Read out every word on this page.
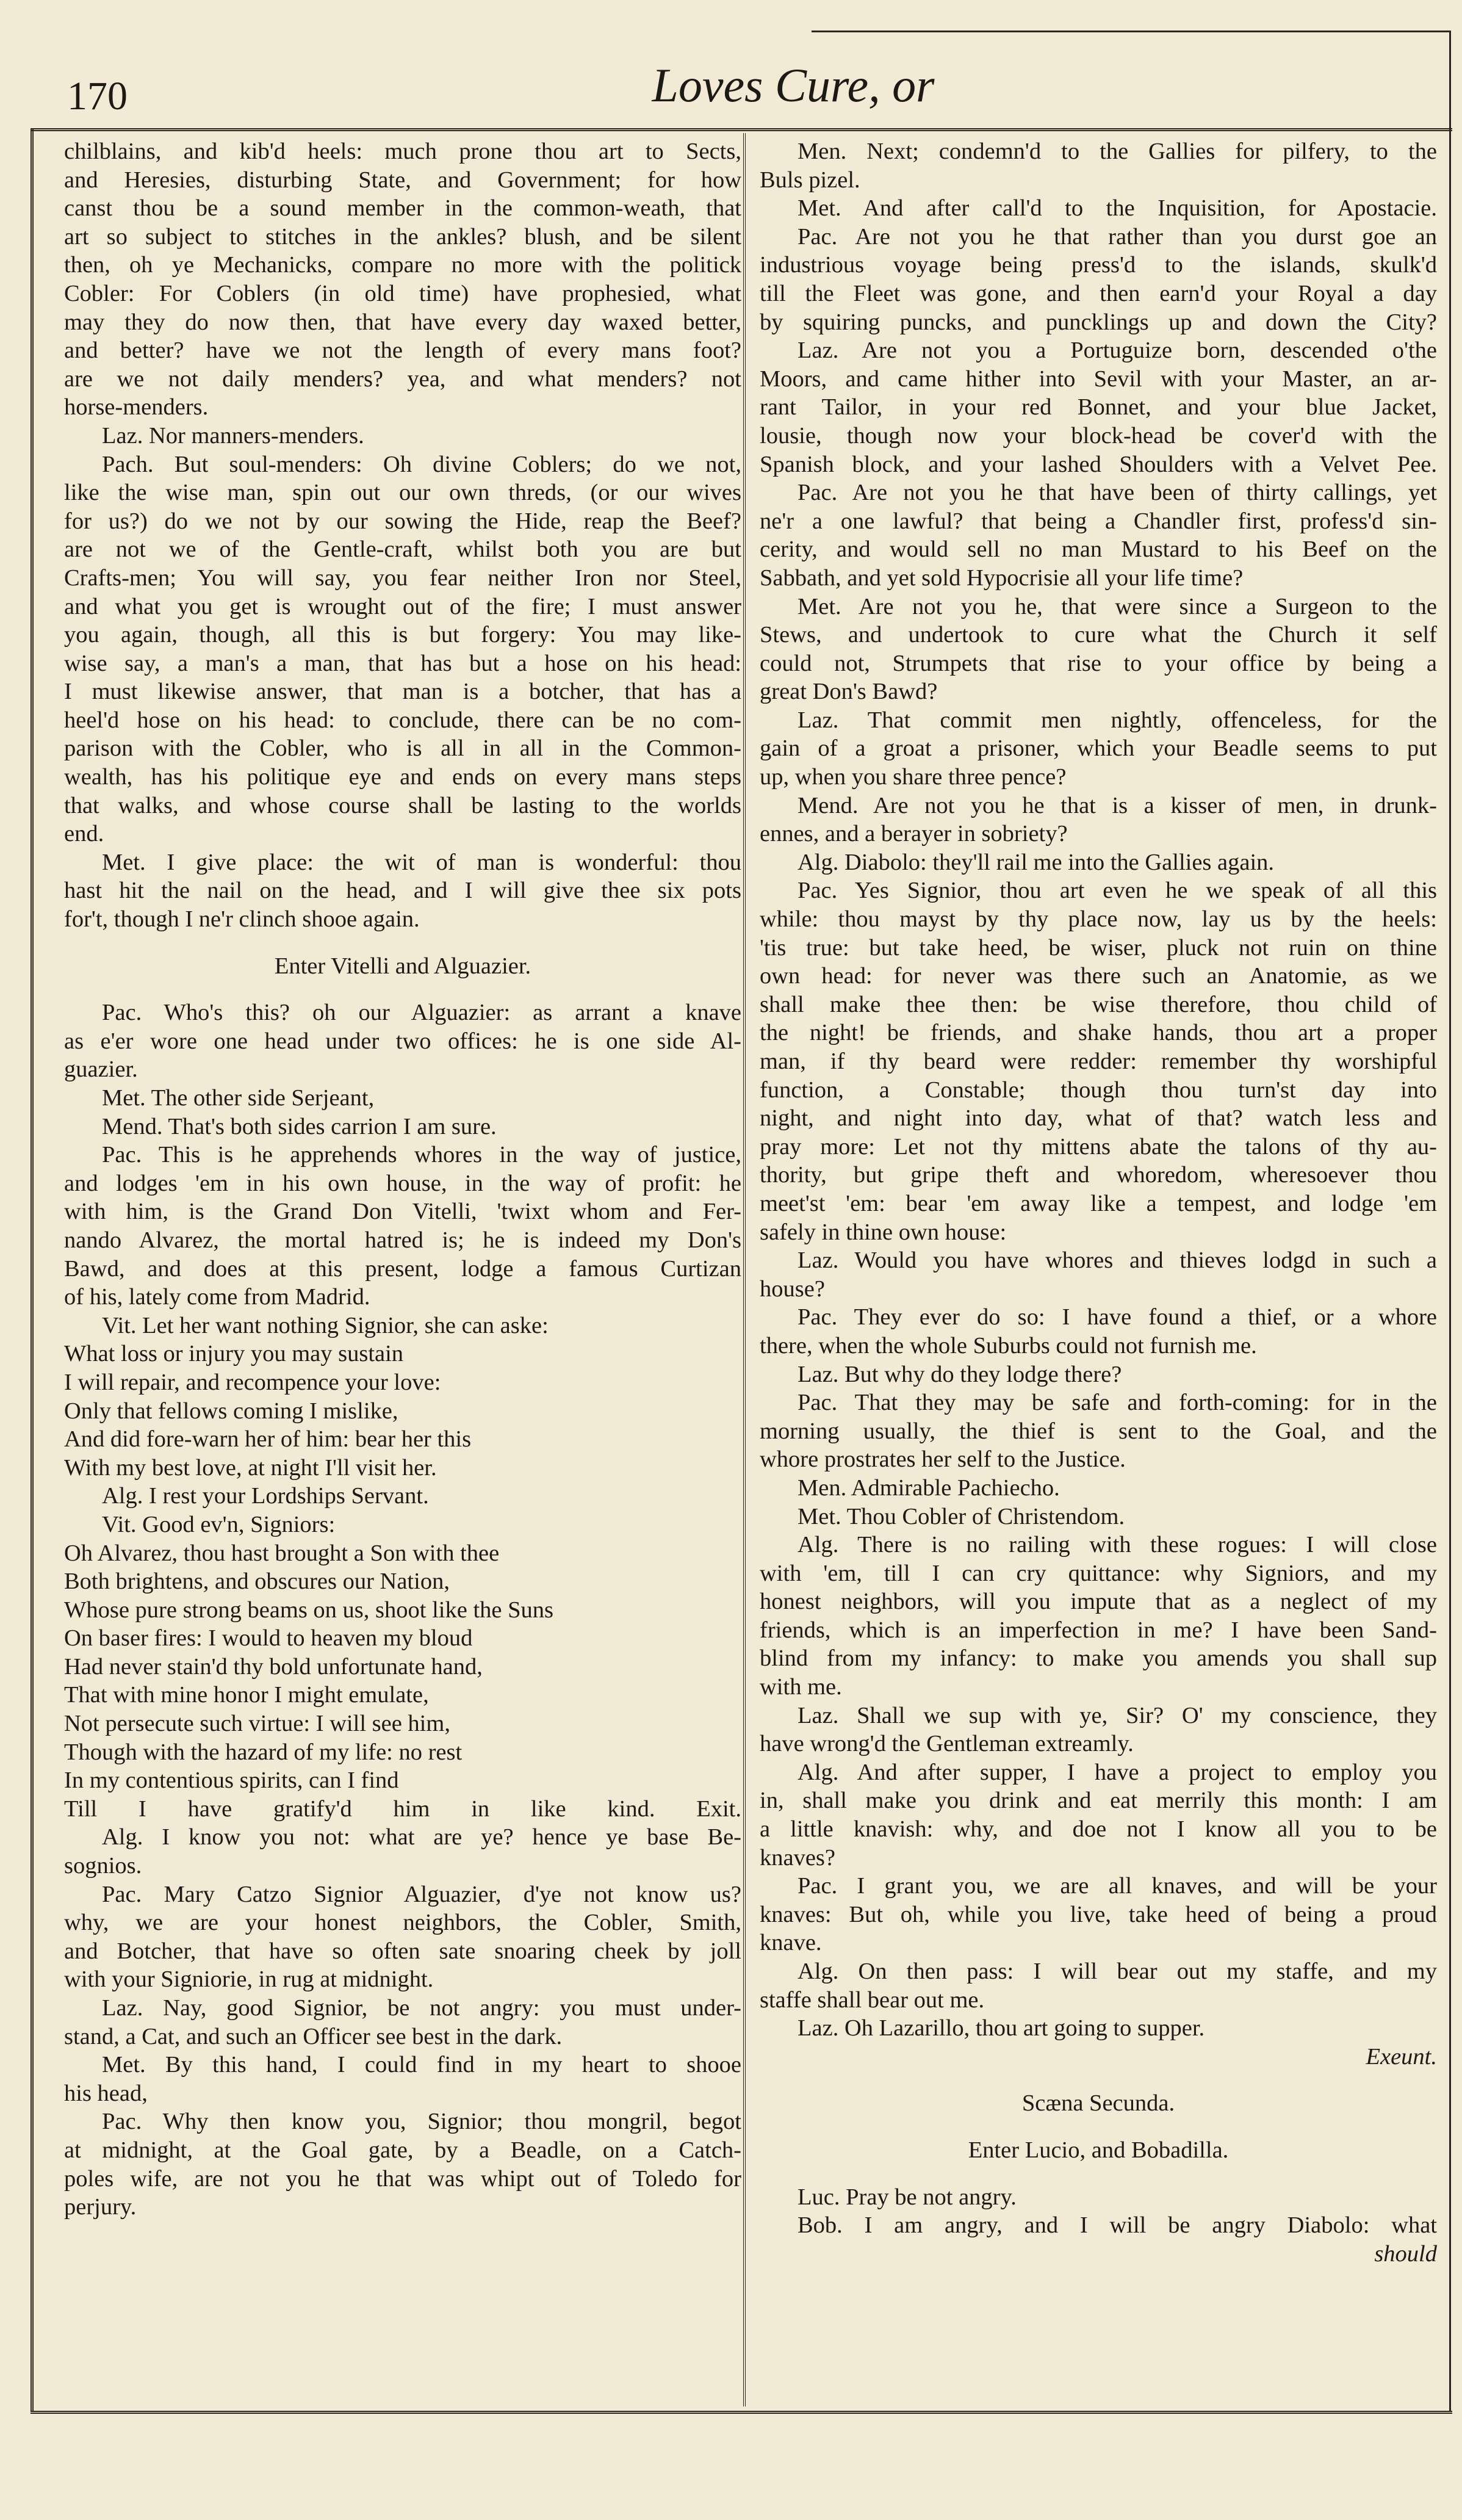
170	Loves Cure, or

chilblains, and kib'd heels: much prone thou art to Sects,

and Heresies, disturbing State, and Government; for how

canst thou be a sound member in the common-weath, that

art so subject to stitches in the ankles? blush, and be silent

then, oh ye Mechanicks, compare no more with the politick

Cobler: For Coblers (in old time) have prophesied, what

may they do now then, that have every day waxed better,

and better? have we not the length of every mans foot?

are we not daily menders? yea, and what menders? not

horse-menders.

Laz. Nor manners-menders.

Pach. But soul-menders: Oh divine Coblers; do we not,

like the wise man, spin out our own threds, (or our wives

for us?) do we not by our sowing the Hide, reap the Beef?

are not we of the Gentle-craft, whilst both you are but

Crafts-men; You will say, you fear neither Iron nor Steel,

and what you get is wrought out of the fire; I must answer

you again, though, all this is but forgery: You may like-

wise say, a man's a man, that has but a hose on his head:

I must likewise answer, that man is a botcher, that has a

heel'd hose on his head: to conclude, there can be no com-

parison with the Cobler, who is all in all in the Common-

wealth, has his politique eye and ends on every mans steps

that walks, and whose course shall be lasting to the worlds

end.

Met. I give place: the wit of man is wonderful: thou

hast hit the nail on the head, and I will give thee six pots

for't, though I ne'r clinch shooe again.

Enter Vitelli and Alguazier.

Pac. Who's this? oh our Alguazier: as arrant a knave

as e'er wore one head under two offices: he is one side Al-

guazier.

Met. The other side Serjeant,

Mend. That's both sides carrion I am sure.

Pac. This is he apprehends whores in the way of justice,

and lodges 'em in his own house, in the way of profit: he

with him, is the Grand Don Vitelli, 'twixt whom and Fer-

nando Alvarez, the mortal hatred is; he is indeed my Don's

Bawd, and does at this present, lodge a famous Curtizan

of his, lately come from Madrid.

Vit. Let her want nothing Signior, she can aske:

What loss or injury you may sustain

I will repair, and recompence your love:

Only that fellows coming I mislike,

And did fore-warn her of him: bear her this

With my best love, at night I'll visit her.

Alg. I rest your Lordships Servant.

Vit. Good ev'n, Signiors:

Oh Alvarez, thou hast brought a Son with thee

Both brightens, and obscures our Nation,

Whose pure strong beams on us, shoot like the Suns

On baser fires: I would to heaven my bloud

Had never stain'd thy bold unfortunate hand,

That with mine honor I might emulate,

Not persecute such virtue: I will see him,

Though with the hazard of my life: no rest

In my contentious spirits, can I find

Till I have gratify'd him in like kind. Exit.

Alg. I know you not: what are ye? hence ye base Be-

sognios.

Pac. Mary Catzo Signior Alguazier, d'ye not know us?

why, we are your honest neighbors, the Cobler, Smith,

and Botcher, that have so often sate snoaring cheek by joll

with your Signiorie, in rug at midnight.

Laz. Nay, good Signior, be not angry: you must under-

stand, a Cat, and such an Officer see best in the dark.

Met. By this hand, I could find in my heart to shooe

his head,

Pac. Why then know you, Signior; thou mongril, begot

at midnight, at the Goal gate, by a Beadle, on a Catch-

poles wife, are not you he that was whipt out of Toledo for

perjury.

Men. Next; condemn'd to the Gallies for pilfery, to the

Buls pizel.

Met. And after call'd to the Inquisition, for Apostacie.

Pac. Are not you he that rather than you durst goe an

industrious voyage being press'd to the islands, skulk'd

till the Fleet was gone, and then earn'd your Royal a day

by squiring puncks, and puncklings up and down the City?

Laz. Are not you a Portuguize born, descended o'the

Moors, and came hither into Sevil with your Master, an ar-

rant Tailor, in your red Bonnet, and your blue Jacket,

lousie, though now your block-head be cover'd with the

Spanish block, and your lashed Shoulders with a Velvet Pee.

Pac. Are not you he that have been of thirty callings, yet

ne'r a one lawful? that being a Chandler first, profess'd sin-

cerity, and would sell no man Mustard to his Beef on the

Sabbath, and yet sold Hypocrisie all your life time?

Met. Are not you he, that were since a Surgeon to the

Stews, and undertook to cure what the Church it self

could not, Strumpets that rise to your office by being a

great Don's Bawd?

Laz. That commit men nightly, offenceless, for the

gain of a groat a prisoner, which your Beadle seems to put

up, when you share three pence?

Mend. Are not you he that is a kisser of men, in drunk-

ennes, and a berayer in sobriety?

Alg. Diabolo: they'll rail me into the Gallies again.

Pac. Yes Signior, thou art even he we speak of all this

while: thou mayst by thy place now, lay us by the heels:

'tis true: but take heed, be wiser, pluck not ruin on thine

own head: for never was there such an Anatomie, as we

shall make thee then: be wise therefore, thou child of

the night! be friends, and shake hands, thou art a proper

man, if thy beard were redder: remember thy worshipful

function, a Constable; though thou turn'st day into

night, and night into day, what of that? watch less and

pray more: Let not thy mittens abate the talons of thy au-

thority, but gripe theft and whoredom, wheresoever thou

meet'st 'em: bear 'em away like a tempest, and lodge 'em

safely in thine own house:

Laz. Would you have whores and thieves lodgd in such a

house?

Pac. They ever do so: I have found a thief, or a whore

there, when the whole Suburbs could not furnish me.

Laz. But why do they lodge there?

Pac. That they may be safe and forth-coming: for in the

morning usually, the thief is sent to the Goal, and the

whore prostrates her self to the Justice.

Men. Admirable Pachiecho.

Met. Thou Cobler of Christendom.

Alg. There is no railing with these rogues: I will close

with 'em, till I can cry quittance: why Signiors, and my

honest neighbors, will you impute that as a neglect of my

friends, which is an imperfection in me? I have been Sand-

blind from my infancy: to make you amends you shall sup

with me.

Laz. Shall we sup with ye, Sir? O' my conscience, they

have wrong'd the Gentleman extreamly.

Alg. And after supper, I have a project to employ you

in, shall make you drink and eat merrily this month: I am

a little knavish: why, and doe not I know all you to be

knaves?

Pac. I grant you, we are all knaves, and will be your

knaves: But oh, while you live, take heed of being a proud

knave.

Alg. On then pass: I will bear out my staffe, and my

staffe shall bear out me.

Laz. Oh Lazarillo, thou art going to supper.

Exeunt.

Scæna Secunda.

Enter Lucio, and Bobadilla.

Luc. Pray be not angry.

Bob. I am angry, and I will be angry Diabolo: what

should
